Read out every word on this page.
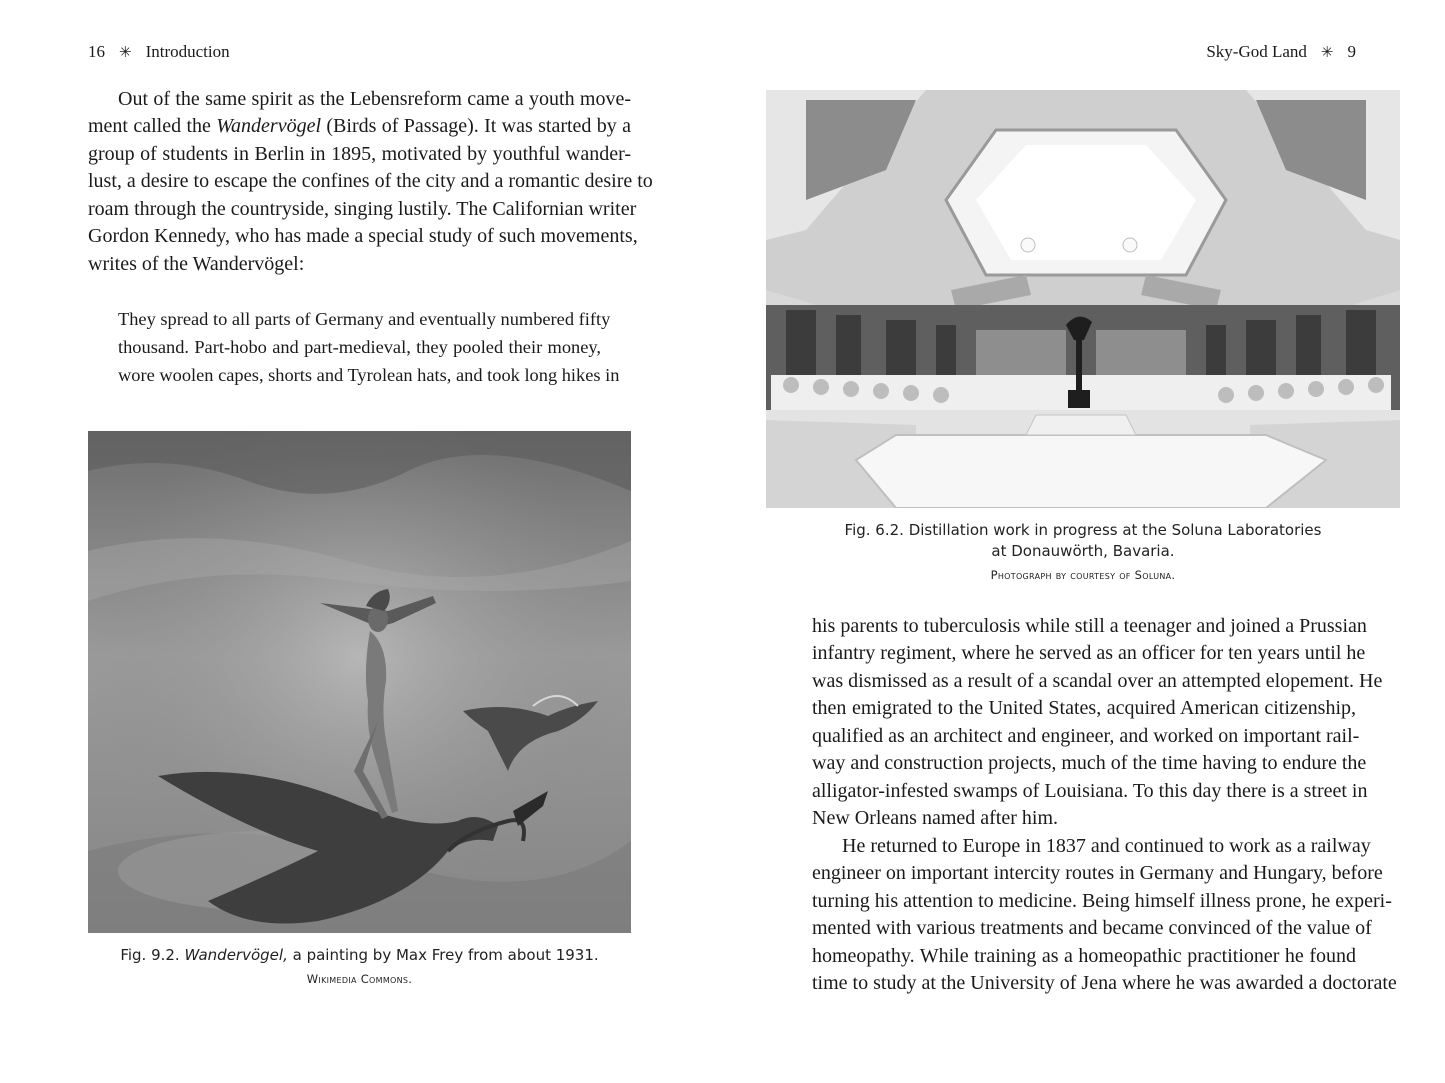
16 ✳ Introduction
Out of the same spirit as the Lebensreform came a youth move-
ment called the Wandervögel (Birds of Passage). It was started by a
group of students in Berlin in 1895, motivated by youthful wander-
lust, a desire to escape the confines of the city and a romantic desire to
roam through the countryside, singing lustily. The Californian writer
Gordon Kennedy, who has made a special study of such movements,
writes of the Wandervögel:
They spread to all parts of Germany and eventually numbered fifty
thousand. Part-hobo and part-medieval, they pooled their money,
wore woolen capes, shorts and Tyrolean hats, and took long hikes in
Fig. 9.2. Wandervögel, a painting by Max Frey from about 1931.
Wikimedia Commons.
Sky-God Land ✳ 9
Fig. 6.2. Distillation work in progress at the Soluna Laboratories
at Donauwörth, Bavaria.
Photograph by courtesy of Soluna.
his parents to tuberculosis while still a teenager and joined a Prussian
infantry regiment, where he served as an officer for ten years until he
was dismissed as a result of a scandal over an attempted elopement. He
then emigrated to the United States, acquired American citizenship,
qualified as an architect and engineer, and worked on important rail-
way and construction projects, much of the time having to endure the
alligator-infested swamps of Louisiana. To this day there is a street in
New Orleans named after him.
He returned to Europe in 1837 and continued to work as a railway
engineer on important intercity routes in Germany and Hungary, before
turning his attention to medicine. Being himself illness prone, he experi-
mented with various treatments and became convinced of the value of
homeopathy. While training as a homeopathic practitioner he found
time to study at the University of Jena where he was awarded a doctorate
